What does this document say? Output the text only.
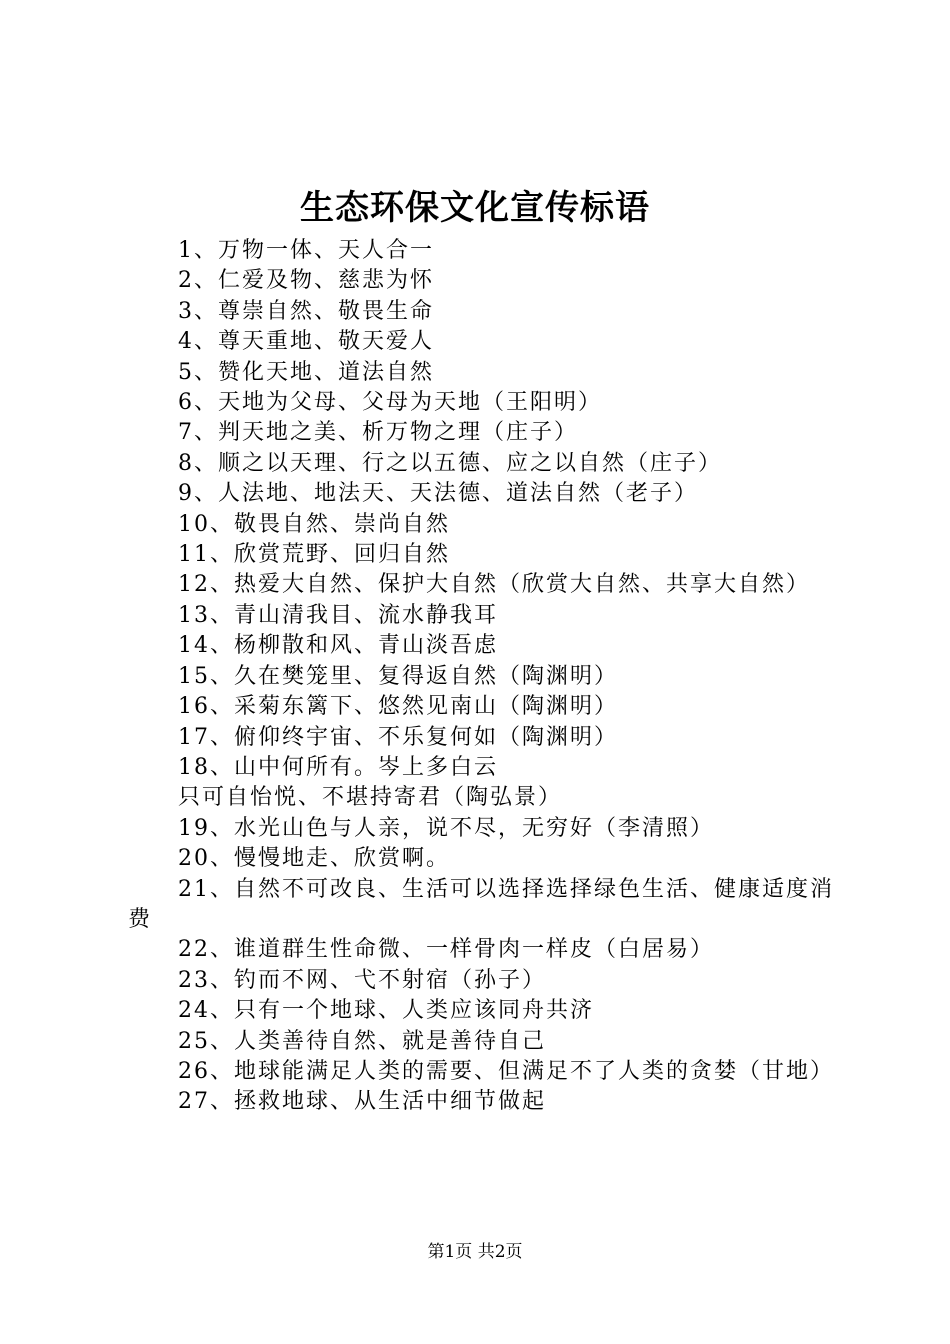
生态环保文化宣传标语

1、万物一体、天人合一

2、仁爱及物、慈悲为怀

3、尊崇自然、敬畏生命

4、尊天重地、敬天爱人

5、赞化天地、道法自然

6、天地为父母、父母为天地（王阳明）

7、判天地之美、析万物之理（庄子）

8、顺之以天理、行之以五德、应之以自然（庄子）

9、人法地、地法天、天法德、道法自然（老子）

10、敬畏自然、崇尚自然

11、欣赏荒野、回归自然

12、热爱大自然、保护大自然（欣赏大自然、共享大自然）

13、青山清我目、流水静我耳

14、杨柳散和风、青山淡吾虑

15、久在樊笼里、复得返自然（陶渊明）

16、采菊东篱下、悠然见南山（陶渊明）

17、俯仰终宇宙、不乐复何如（陶渊明）

18、山中何所有。岑上多白云

只可自怡悦、不堪持寄君（陶弘景）

19、水光山色与人亲，说不尽，无穷好（李清照）

20、慢慢地走、欣赏啊。

21、自然不可改良、生活可以选择选择绿色生活、健康适度消费

22、谁道群生性命微、一样骨肉一样皮（白居易）

23、钓而不网、弋不射宿（孙子）

24、只有一个地球、人类应该同舟共济

25、人类善待自然、就是善待自己

26、地球能满足人类的需要、但满足不了人类的贪婪（甘地）

27、拯救地球、从生活中细节做起

第1页 共2页
